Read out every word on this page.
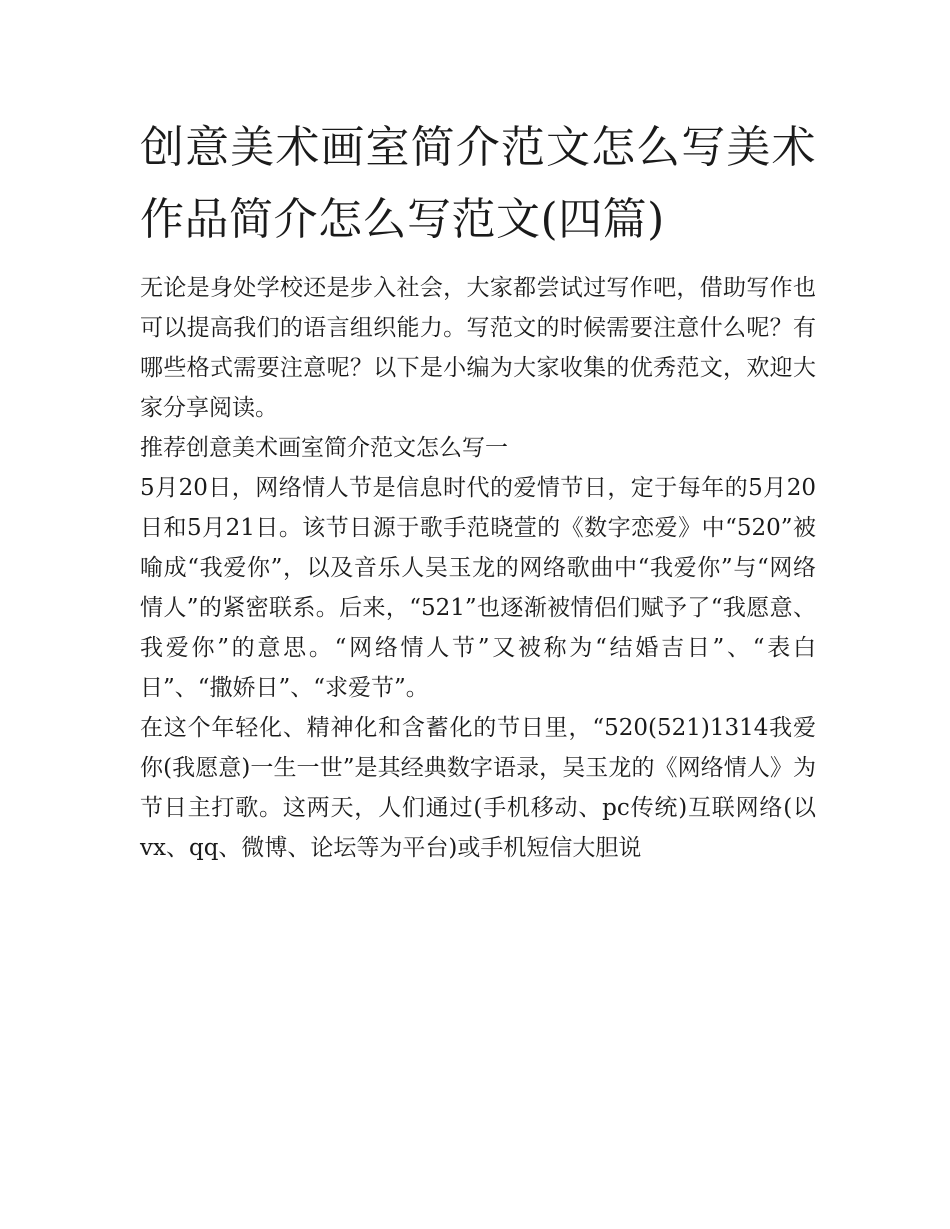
创意美术画室简介范文怎么写美术作品简介怎么写范文(四篇)

无论是身处学校还是步入社会，大家都尝试过写作吧，借助写作也可以提高我们的语言组织能力。写范文的时候需要注意什么呢？有哪些格式需要注意呢？以下是小编为大家收集的优秀范文，欢迎大家分享阅读。

推荐创意美术画室简介范文怎么写一

5月20日，网络情人节是信息时代的爱情节日，定于每年的5月20日和5月21日。该节日源于歌手范晓萱的《数字恋爱》中“520”被喻成“我爱你”，以及音乐人吴玉龙的网络歌曲中“我爱你”与“网络情人”的紧密联系。后来，“521”也逐渐被情侣们赋予了“我愿意、我爱你”的意思。“网络情人节”又被称为“结婚吉日”、“表白日”、“撒娇日”、“求爱节”。

在这个年轻化、精神化和含蓄化的节日里，“520(521)1314我爱你(我愿意)一生一世”是其经典数字语录，吴玉龙的《网络情人》为节日主打歌。这两天，人们通过(手机移动、pc传统)互联网络(以vx、qq、微博、论坛等为平台)或手机短信大胆说
